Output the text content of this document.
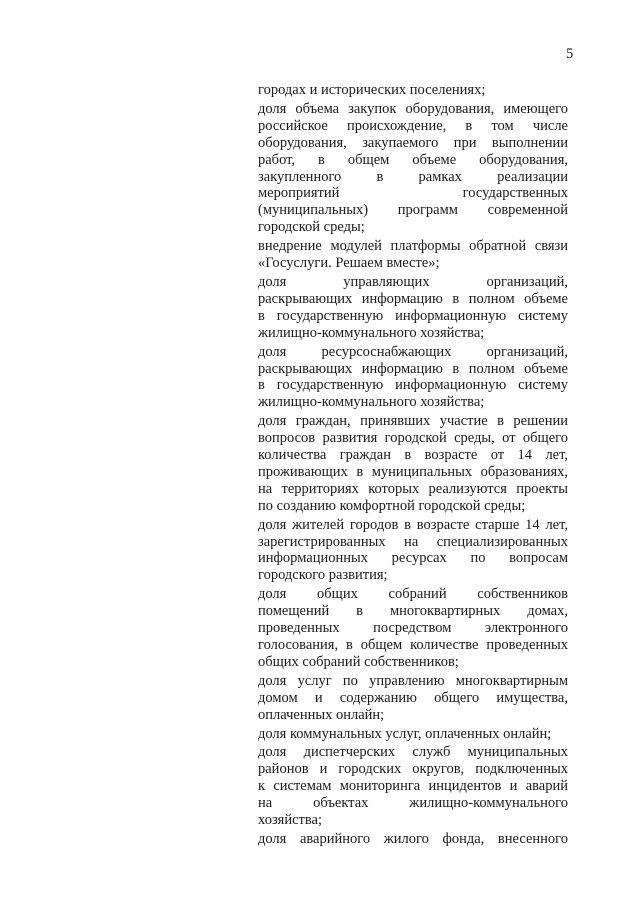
5
городах и исторических поселениях;
доля объема закупок оборудования, имеющего
российское происхождение, в том числе
оборудования, закупаемого при выполнении
работ, в общем объеме оборудования,
закупленного в рамках реализации
мероприятий государственных
(муниципальных) программ современной
городской среды;
внедрение модулей платформы обратной связи
«Госуслуги. Решаем вместе»;
доля управляющих организаций,
раскрывающих информацию в полном объеме
в государственную информационную систему
жилищно-коммунального хозяйства;
доля ресурсоснабжающих организаций,
раскрывающих информацию в полном объеме
в государственную информационную систему
жилищно-коммунального хозяйства;
доля граждан, принявших участие в решении
вопросов развития городской среды, от общего
количества граждан в возрасте от 14 лет,
проживающих в муниципальных образованиях,
на территориях которых реализуются проекты
по созданию комфортной городской среды;
доля жителей городов в возрасте старше 14 лет,
зарегистрированных на специализированных
информационных ресурсах по вопросам
городского развития;
доля общих собраний собственников
помещений в многоквартирных домах,
проведенных посредством электронного
голосования, в общем количестве проведенных
общих собраний собственников;
доля услуг по управлению многоквартирным
домом и содержанию общего имущества,
оплаченных онлайн;
доля коммунальных услуг, оплаченных онлайн;
доля диспетчерских служб муниципальных
районов и городских округов, подключенных
к системам мониторинга инцидентов и аварий
на объектах жилищно-коммунального
хозяйства;
доля аварийного жилого фонда, внесенного
